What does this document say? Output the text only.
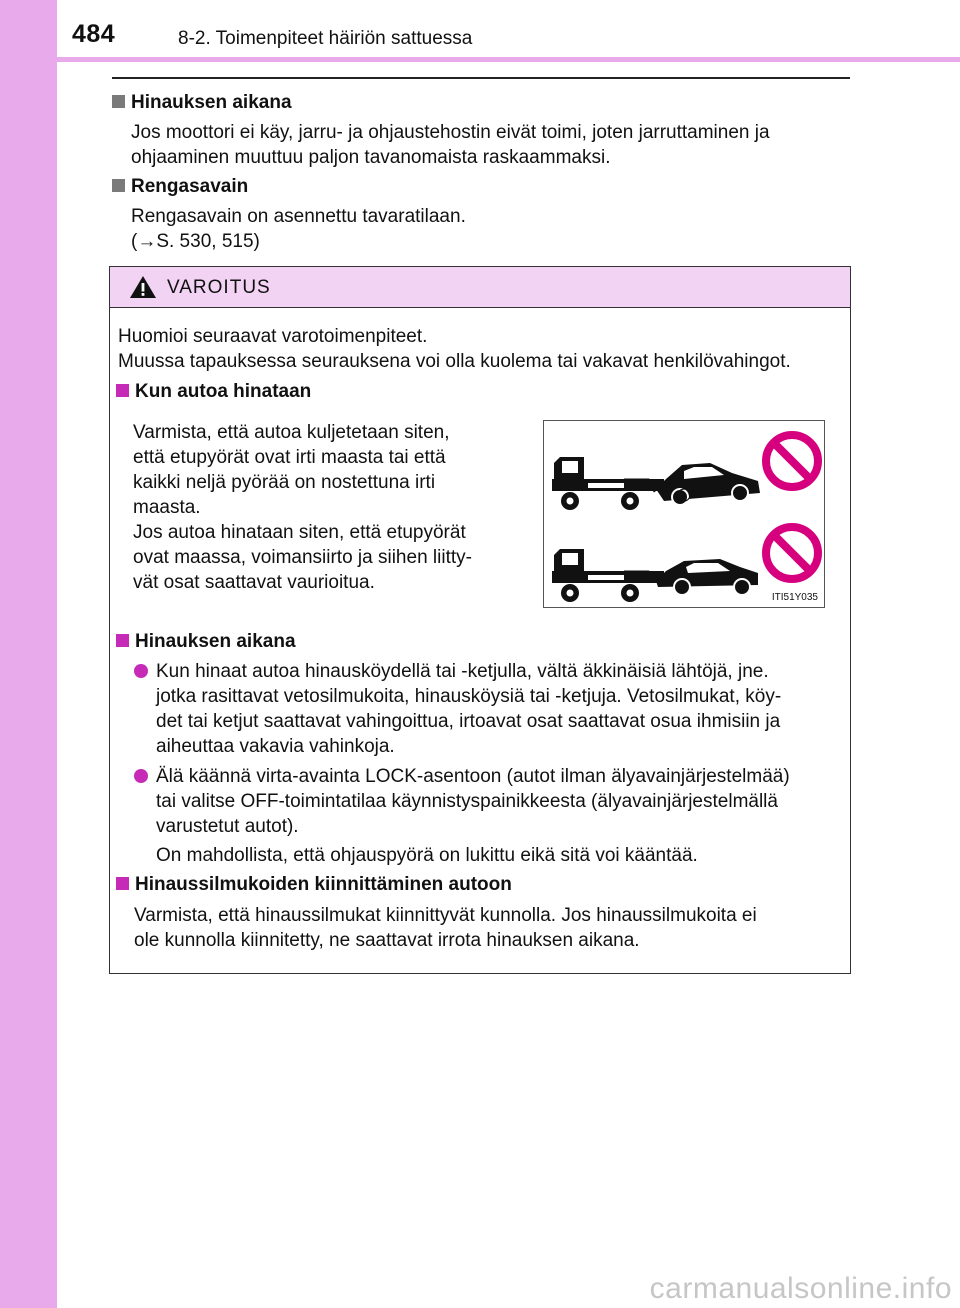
484	8-2. Toimenpiteet häiriön sattuessa
Hinauksen aikana
Jos moottori ei käy, jarru- ja ohjaustehostin eivät toimi, joten jarruttaminen ja
ohjaaminen muuttuu paljon tavanomaista raskaammaksi.
Rengasavain
Rengasavain on asennettu tavaratilaan.
(→S. 530, 515)
VAROITUS
Huomioi seuraavat varotoimenpiteet.
Muussa tapauksessa seurauksena voi olla kuolema tai vakavat henkilövahingot.
Kun autoa hinataan
Varmista, että autoa kuljetetaan siten,
että etupyörät ovat irti maasta tai että
kaikki neljä pyörää on nostettuna irti
maasta.
Jos autoa hinataan siten, että etupyörät
ovat maassa, voimansiirto ja siihen liitty-
vät osat saattavat vaurioitua.
ITI51Y035
Hinauksen aikana
Kun hinaat autoa hinausköydellä tai -ketjulla, vältä äkkinäisiä lähtöjä, jne.
jotka rasittavat vetosilmukoita, hinausköysiä tai -ketjuja. Vetosilmukat, köy-
det tai ketjut saattavat vahingoittua, irtoavat osat saattavat osua ihmisiin ja
aiheuttaa vakavia vahinkoja.
Älä käännä virta-avainta LOCK-asentoon (autot ilman älyavainjärjestelmää)
tai valitse OFF-toimintatilaa käynnistyspainikkeesta (älyavainjärjestelmällä
varustetut autot).
On mahdollista, että ohjauspyörä on lukittu eikä sitä voi kääntää.
Hinaussilmukoiden kiinnittäminen autoon
Varmista, että hinaussilmukat kiinnittyvät kunnolla. Jos hinaussilmukoita ei
ole kunnolla kiinnitetty, ne saattavat irrota hinauksen aikana.
carmanualsonline.info
